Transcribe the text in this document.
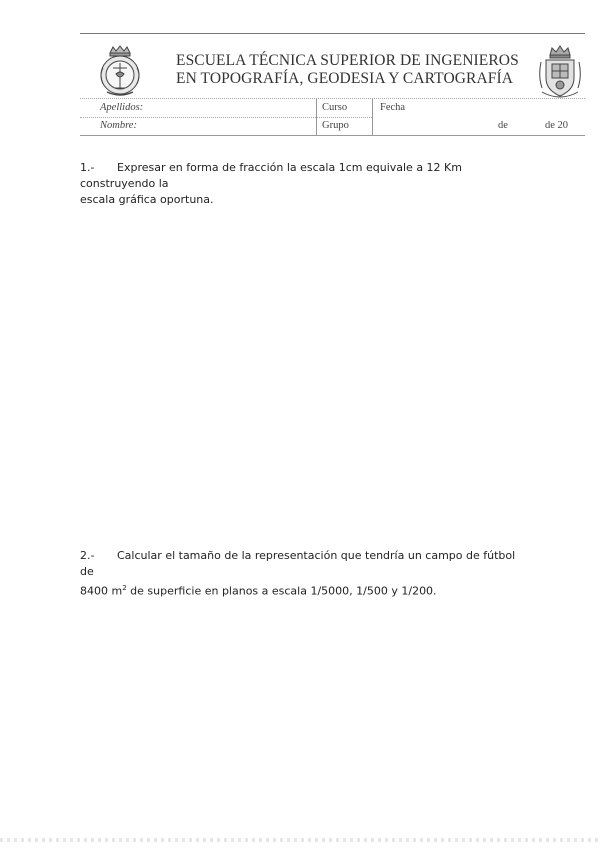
ESCUELA TÉCNICA SUPERIOR DE INGENIEROS
EN TOPOGRAFÍA, GEODESIA Y CARTOGRAFÍA
Apellidos:
Nombre:
Curso
Grupo
Fecha
de	de 20
1.- Expresar en forma de fracción la escala 1cm equivale a 12 Km construyendo la
escala gráfica oportuna.
2.- Calcular el tamaño de la representación que tendría un campo de fútbol de
8400 $m^2$ de superficie en planos a escala 1/5000, 1/500 y 1/200.
